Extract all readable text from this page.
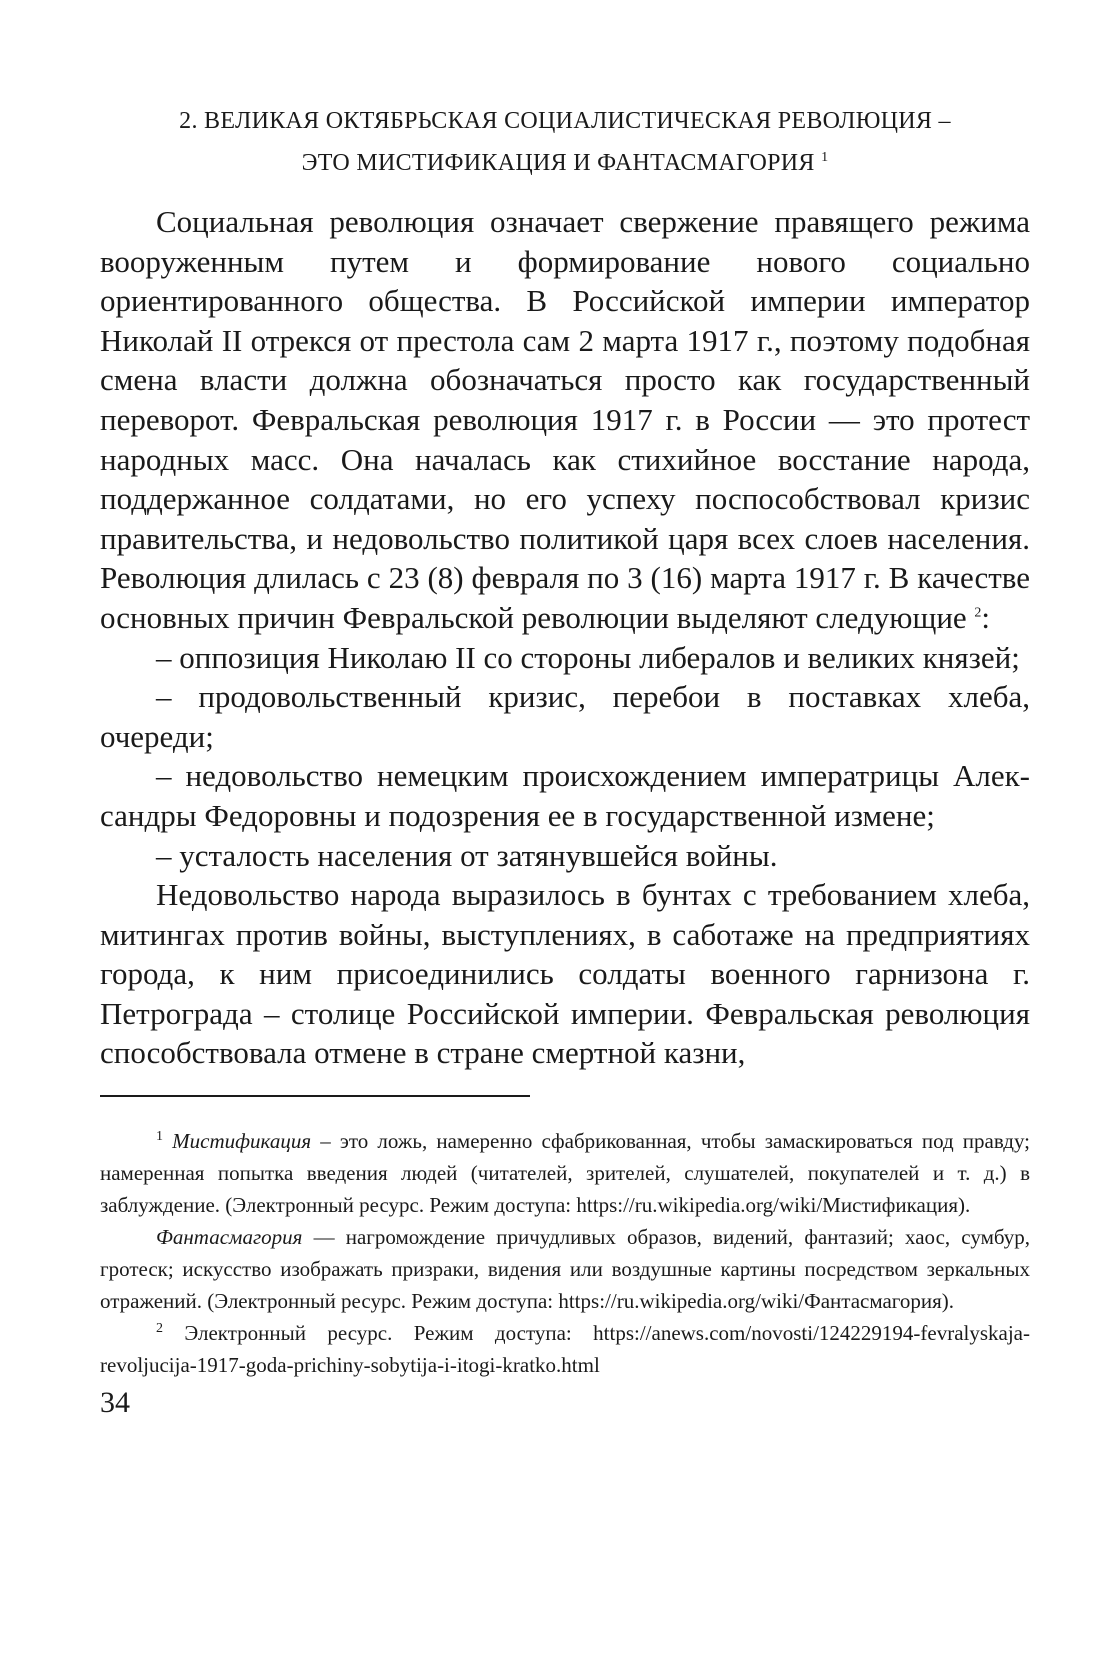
2. ВЕЛИКАЯ ОКТЯБРЬСКАЯ СОЦИАЛИСТИЧЕСКАЯ РЕВОЛЮЦИЯ –
ЭТО МИСТИФИКАЦИЯ И ФАНТАСМАГОРИЯ $^1$

Социальная революция означает свержение правящего режима вооруженным путем и формирование нового социально ориентированного общества. В Российской империи император Николай II отрекся от престола сам 2 марта 1917 г., поэтому подобная смена власти должна обозначаться просто как государственный переворот. Февральская революция 1917 г. в России — это протест народных масс. Она началась как стихийное восстание народа, поддержанное солдатами, но его успеху поспособствовал кризис правительства, и недовольство политикой царя всех слоев населения. Революция длилась с 23 (8) февраля по 3 (16) марта 1917 г. В качестве основных причин Февральской революции выделяют следующие $^2$:

– оппозиция Николаю II со стороны либералов и великих князей;

– продовольственный кризис, перебои в поставках хлеба, очереди;

– недовольство немецким происхождением императрицы Александры Федоровны и подозрения ее в государственной измене;

– усталость населения от затянувшейся войны.

Недовольство народа выразилось в бунтах с требованием хлеба, митингах против войны, выступлениях, в саботаже на предприятиях города, к ним присоединились солдаты военного гарнизона г. Петрограда – столице Российской империи. Февральская революция способствовала отмене в стране смертной казни,

$^1$ Мистификация – это ложь, намеренно сфабрикованная, чтобы замаскироваться под правду; намеренная попытка введения людей (читателей, зрителей, слушателей, покупателей и т. д.) в заблуждение. (Электронный ресурс. Режим доступа: https://ru.wikipedia.org/wiki/Мистификация).

Фантасмагория — нагромождение причудливых образов, видений, фантазий; хаос, сумбур, гротеск; искусство изображать призраки, видения или воздушные картины посредством зеркальных отражений. (Электронный ресурс. Режим доступа: https://ru.wikipedia.org/wiki/Фантасмагория).

$^2$ Электронный ресурс. Режим доступа: https://anews.com/novosti/124229194-fevralyskaja-revoljucija-1917-goda-prichiny-sobytija-i-itogi-kratko.html

34
